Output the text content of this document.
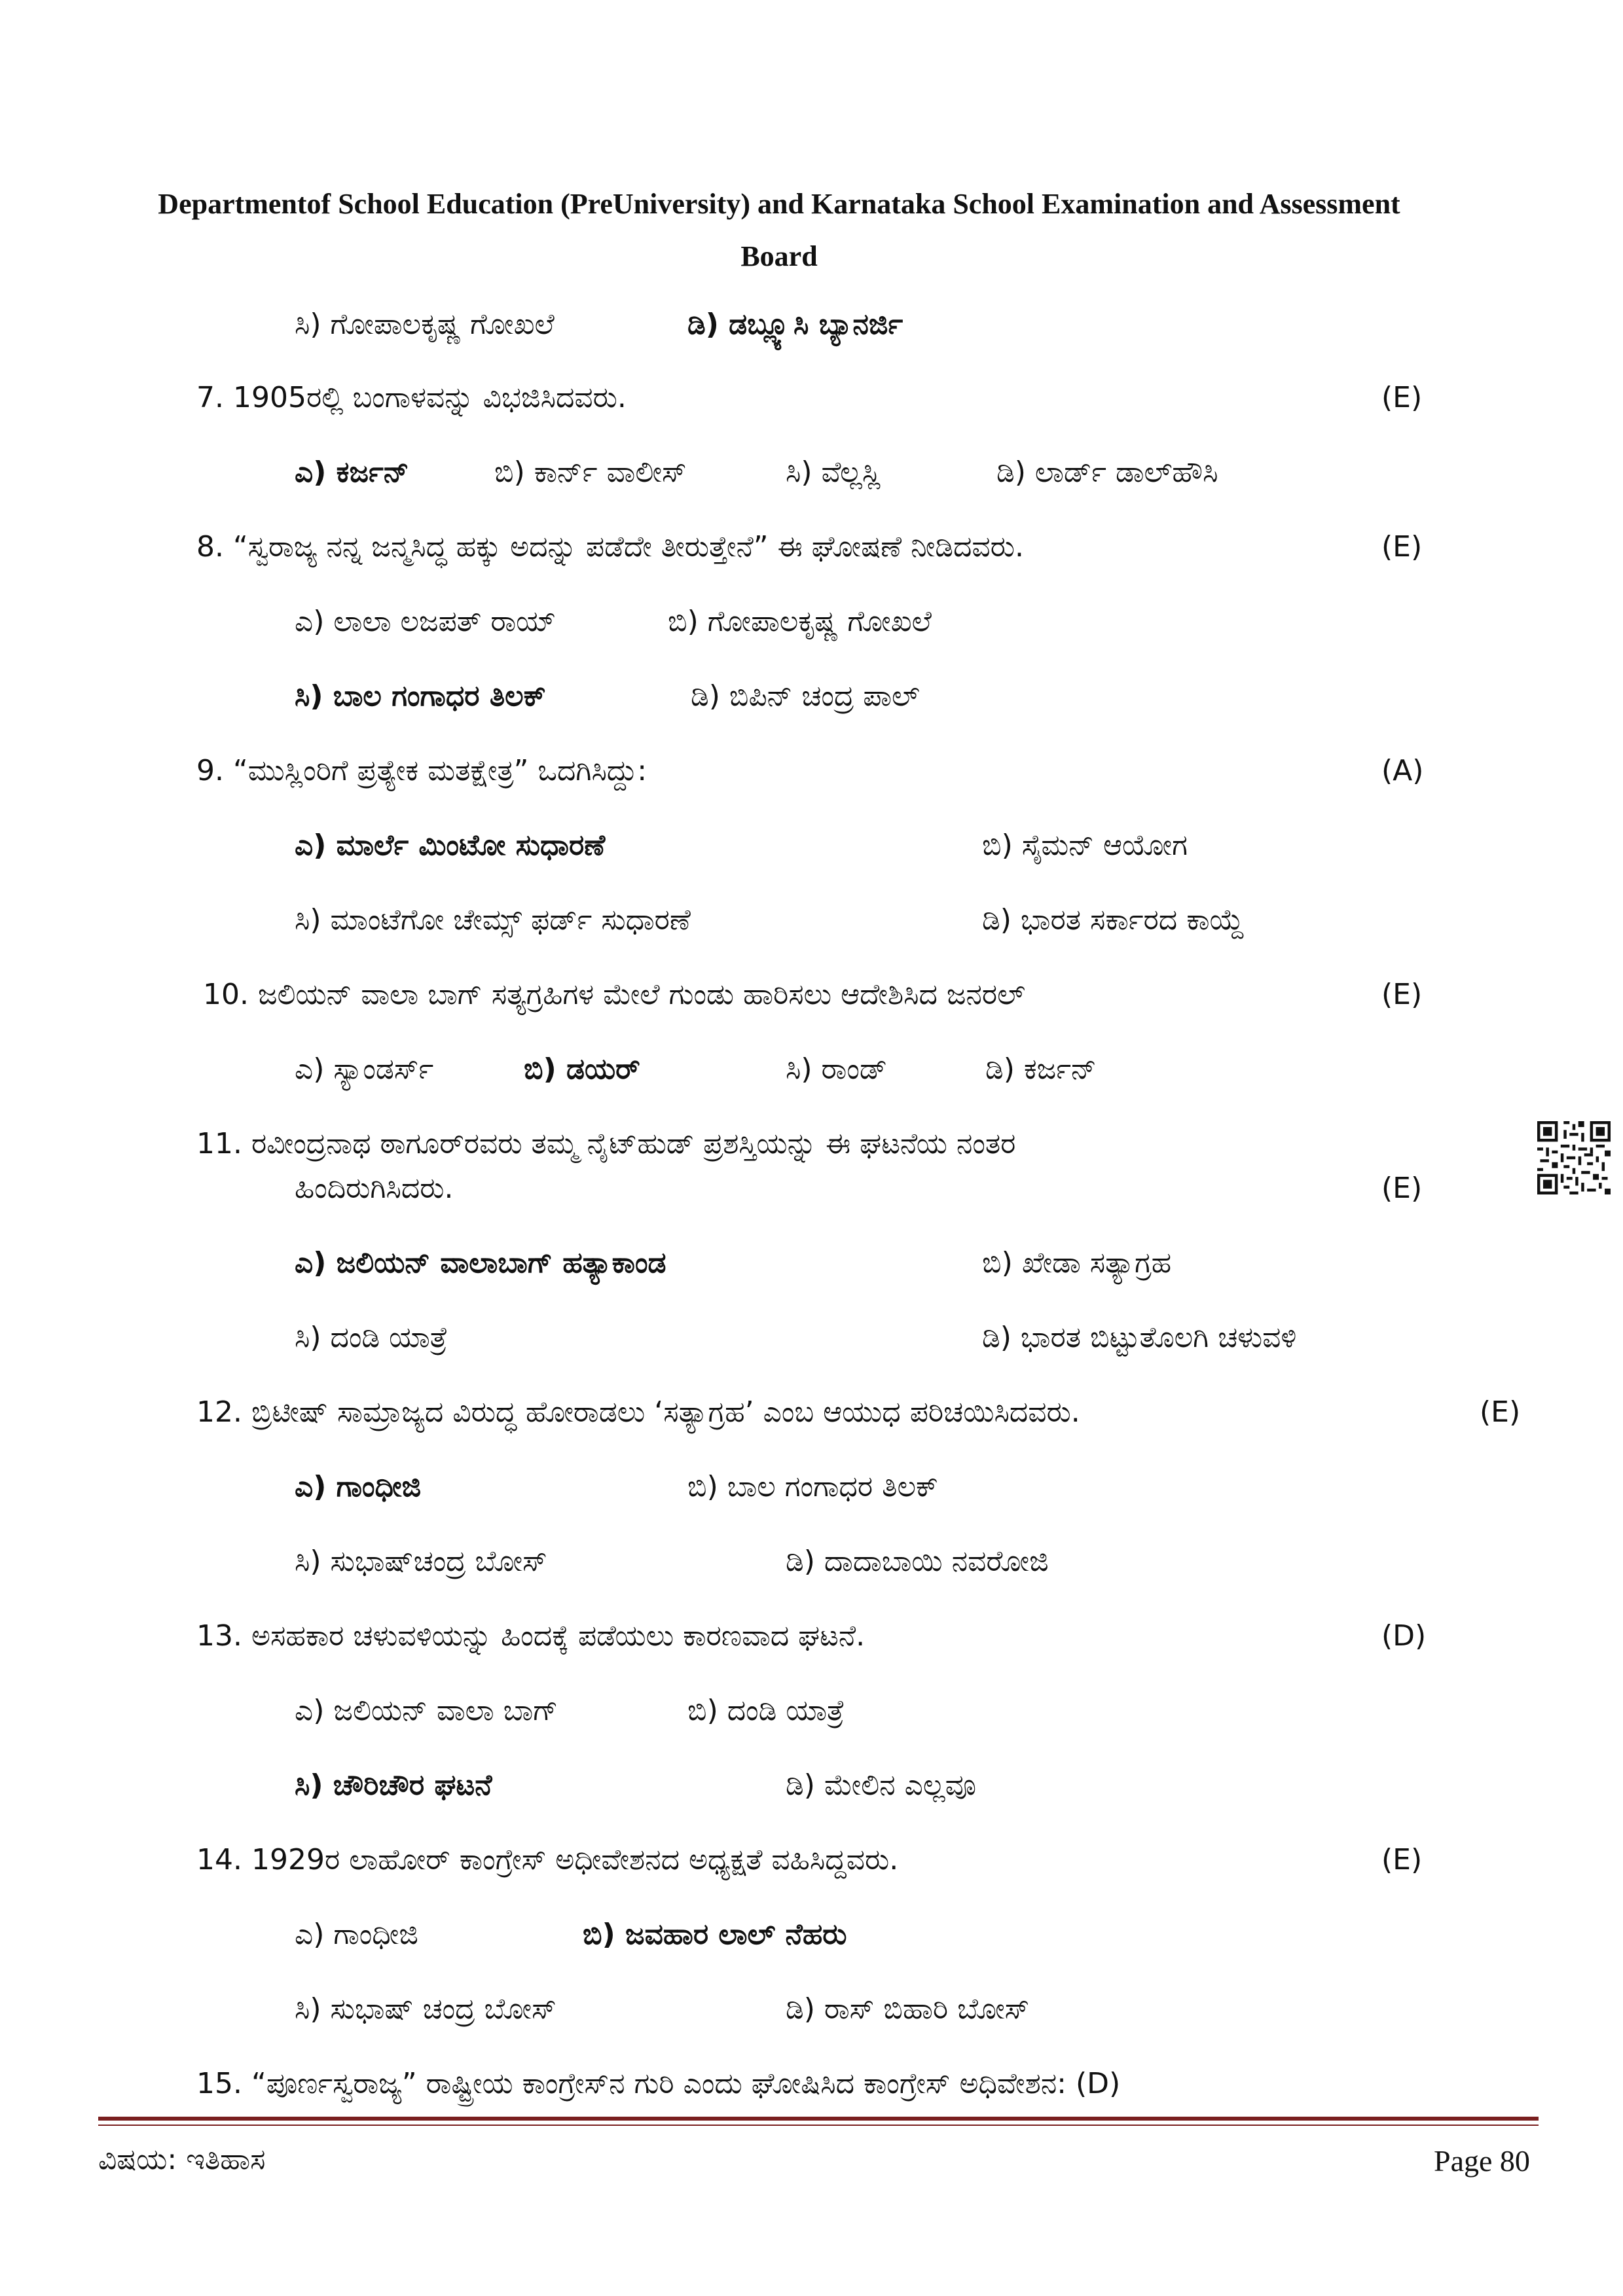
Departmentof School Education (PreUniversity) and Karnataka School Examination and Assessment
Board
ಸಿ) ಗೋಪಾಲಕೃಷ್ಣ ಗೋಖಲೆ	ಡಿ) ಡಬ್ಲ್ಯೂಸಿ ಬ್ಯಾನರ್ಜಿ
7. 1905ರಲ್ಲಿ ಬಂಗಾಳವನ್ನು ವಿಭಜಿಸಿದವರು.	(E)
ಎ) ಕರ್ಜನ್	ಬಿ) ಕಾರ್ನ್ ವಾಲೀಸ್	ಸಿ) ವೆಲ್ಲಸ್ಲಿ	ಡಿ) ಲಾರ್ಡ್ ಡಾಲ್‌ಹೌಸಿ
8. “ಸ್ವರಾಜ್ಯ ನನ್ನ ಜನ್ಮಸಿದ್ಧ ಹಕ್ಕು ಅದನ್ನು ಪಡೆದೇ ತೀರುತ್ತೇನೆ” ಈ ಘೋಷಣೆ ನೀಡಿದವರು.	(E)
ಎ) ಲಾಲಾ ಲಜಪತ್ ರಾಯ್	ಬಿ) ಗೋಪಾಲಕೃಷ್ಣ ಗೋಖಲೆ
ಸಿ) ಬಾಲ ಗಂಗಾಧರ ತಿಲಕ್	ಡಿ) ಬಿಪಿನ್ ಚಂದ್ರ ಪಾಲ್
9. “ಮುಸ್ಲಿಂರಿಗೆ ಪ್ರತ್ಯೇಕ ಮತಕ್ಷೇತ್ರ” ಒದಗಿಸಿದ್ದು:	(A)
ಎ) ಮಾರ್ಲೆ ಮಿಂಟೋ ಸುಧಾರಣೆ	ಬಿ) ಸೈಮನ್ ಆಯೋಗ
ಸಿ) ಮಾಂಟೆಗೋ ಚೇಮ್ಸ್ ಫರ್ಡ್ ಸುಧಾರಣೆ	ಡಿ) ಭಾರತ ಸರ್ಕಾರದ ಕಾಯ್ದೆ
10. ಜಲಿಯನ್ ವಾಲಾ ಬಾಗ್ ಸತ್ಯಗ್ರಹಿಗಳ ಮೇಲೆ ಗುಂಡು ಹಾರಿಸಲು ಆದೇಶಿಸಿದ ಜನರಲ್	(E)
ಎ) ಸ್ಯಾಂಡರ್ಸ್	ಬಿ) ಡಯರ್	ಸಿ) ರಾಂಡ್	ಡಿ) ಕರ್ಜನ್
11. ರವೀಂದ್ರನಾಥ ಠಾಗೂರ್‌ರವರು ತಮ್ಮ ನೈಟ್‌ಹುಡ್ ಪ್ರಶಸ್ತಿಯನ್ನು ಈ ಘಟನೆಯ ನಂತರ
ಹಿಂದಿರುಗಿಸಿದರು.	(E)
ಎ) ಜಲಿಯನ್ ವಾಲಾಬಾಗ್ ಹತ್ಯಾಕಾಂಡ	ಬಿ) ಖೇಡಾ ಸತ್ಯಾಗ್ರಹ
ಸಿ) ದಂಡಿ ಯಾತ್ರೆ	ಡಿ) ಭಾರತ ಬಿಟ್ಟುತೊಲಗಿ ಚಳುವಳಿ
12. ಬ್ರಿಟೀಷ್ ಸಾಮ್ರಾಜ್ಯದ ವಿರುದ್ಧ ಹೋರಾಡಲು ‘ಸತ್ಯಾಗ್ರಹ’ ಎಂಬ ಆಯುಧ ಪರಿಚಯಿಸಿದವರು.	(E)
ಎ) ಗಾಂಧೀಜಿ	ಬಿ) ಬಾಲ ಗಂಗಾಧರ ತಿಲಕ್
ಸಿ) ಸುಭಾಷ್‌ಚಂದ್ರ ಬೋಸ್	ಡಿ) ದಾದಾಬಾಯಿ ನವರೋಜಿ
13. ಅಸಹಕಾರ ಚಳುವಳಿಯನ್ನು ಹಿಂದಕ್ಕೆ ಪಡೆಯಲು ಕಾರಣವಾದ ಘಟನೆ.	(D)
ಎ) ಜಲಿಯನ್ ವಾಲಾ ಬಾಗ್	ಬಿ) ದಂಡಿ ಯಾತ್ರೆ
ಸಿ) ಚೌರಿಚೌರ ಘಟನೆ	ಡಿ) ಮೇಲಿನ ಎಲ್ಲವೂ
14. 1929ರ ಲಾಹೋರ್ ಕಾಂಗ್ರೇಸ್ ಅಧೀವೇಶನದ ಅಧ್ಯಕ್ಷತೆ ವಹಿಸಿದ್ದವರು.	(E)
ಎ) ಗಾಂಧೀಜಿ	ಬಿ) ಜವಹಾರ ಲಾಲ್ ನೆಹರು
ಸಿ) ಸುಭಾಷ್ ಚಂದ್ರ ಬೋಸ್	ಡಿ) ರಾಸ್ ಬಿಹಾರಿ ಬೋಸ್
15. “ಪೂರ್ಣಸ್ವರಾಜ್ಯ” ರಾಷ್ಟ್ರೀಯ ಕಾಂಗ್ರೇಸ್‌ನ ಗುರಿ ಎಂದು ಘೋಷಿಸಿದ ಕಾಂಗ್ರೇಸ್ ಅಧಿವೇಶನ: (D)
ವಿಷಯ: ಇತಿಹಾಸ	Page 80
